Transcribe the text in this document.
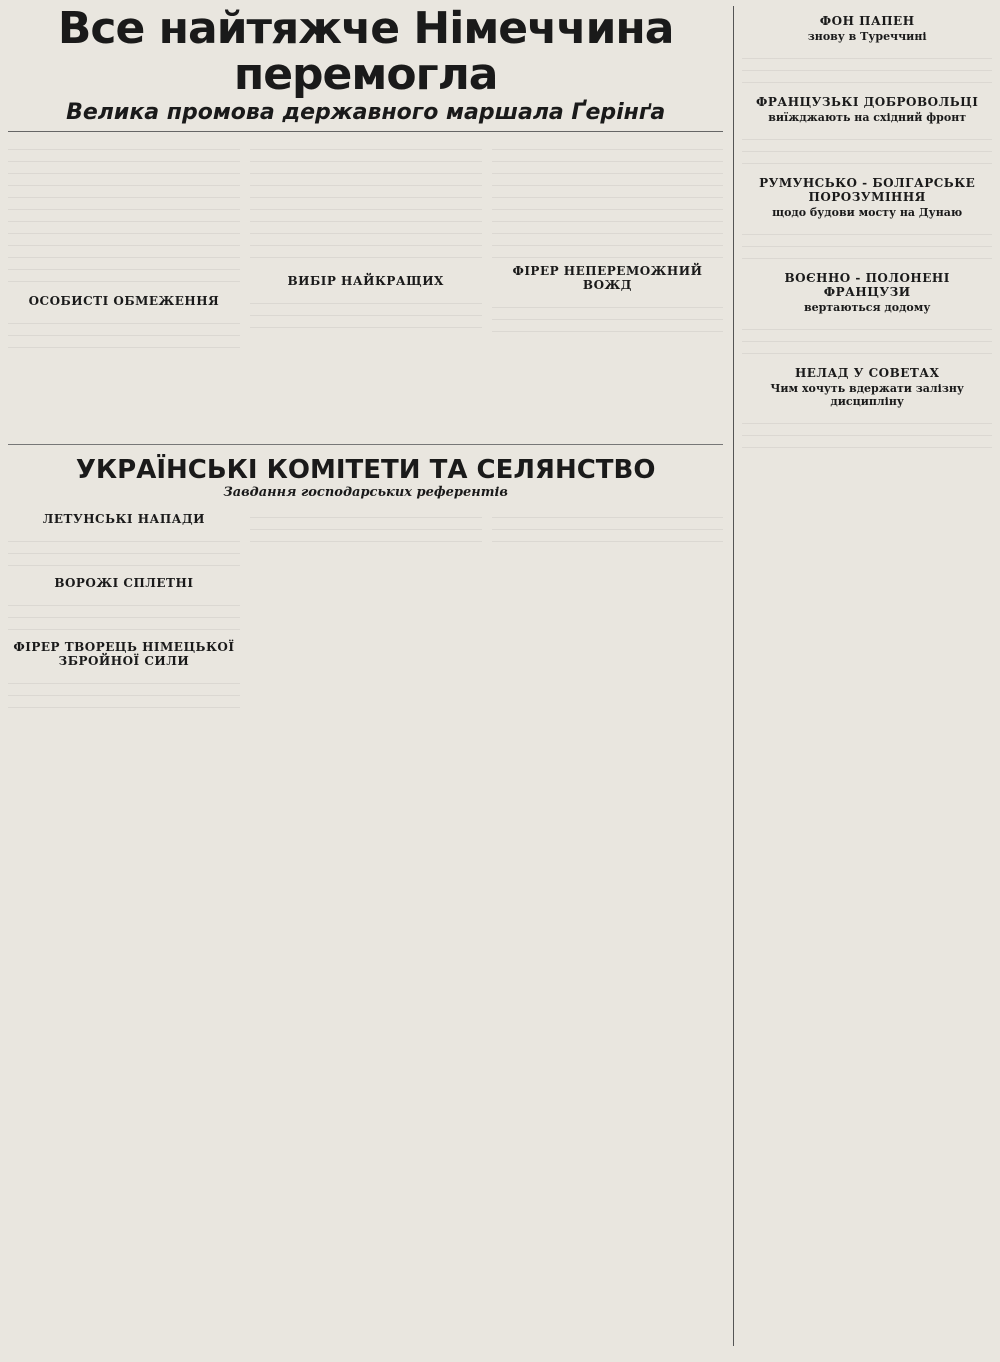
Все найтяжче Німеччина перемогла
Велика промова державного маршала Ґерінґа
ОСОБИСТІ ОБМЕЖЕННЯ
ВИБІР НАЙКРАЩИХ
ФІРЕР НЕПЕРЕМОЖНИЙ ВОЖД
УКРАЇНСЬКІ КОМІТЕТИ ТА СЕЛЯНСТВО
Завдання господарських референтів
ЛЕТУНСЬКІ НАПАДИ
ВОРОЖІ СПЛЕТНІ
ФІРЕР ТВОРЕЦЬ НІМЕЦЬКОЇ ЗБРОЙНОЇ СИЛИ
ФОН ПАПЕН
знову в Туреччині
ФРАНЦУЗЬКІ ДОБРОВОЛЬЦІ
виїжджають на східний фронт
РУМУНСЬКО - БОЛГАРСЬКЕ ПОРОЗУМІННЯ
щодо будови мосту на Дунаю
ВОЄННО - ПОЛОНЕНІ ФРАНЦУЗИ
вертаються додому
НЕЛАД У СОВЕТАХ
Чим хочуть вдержати залізну дисципліну
